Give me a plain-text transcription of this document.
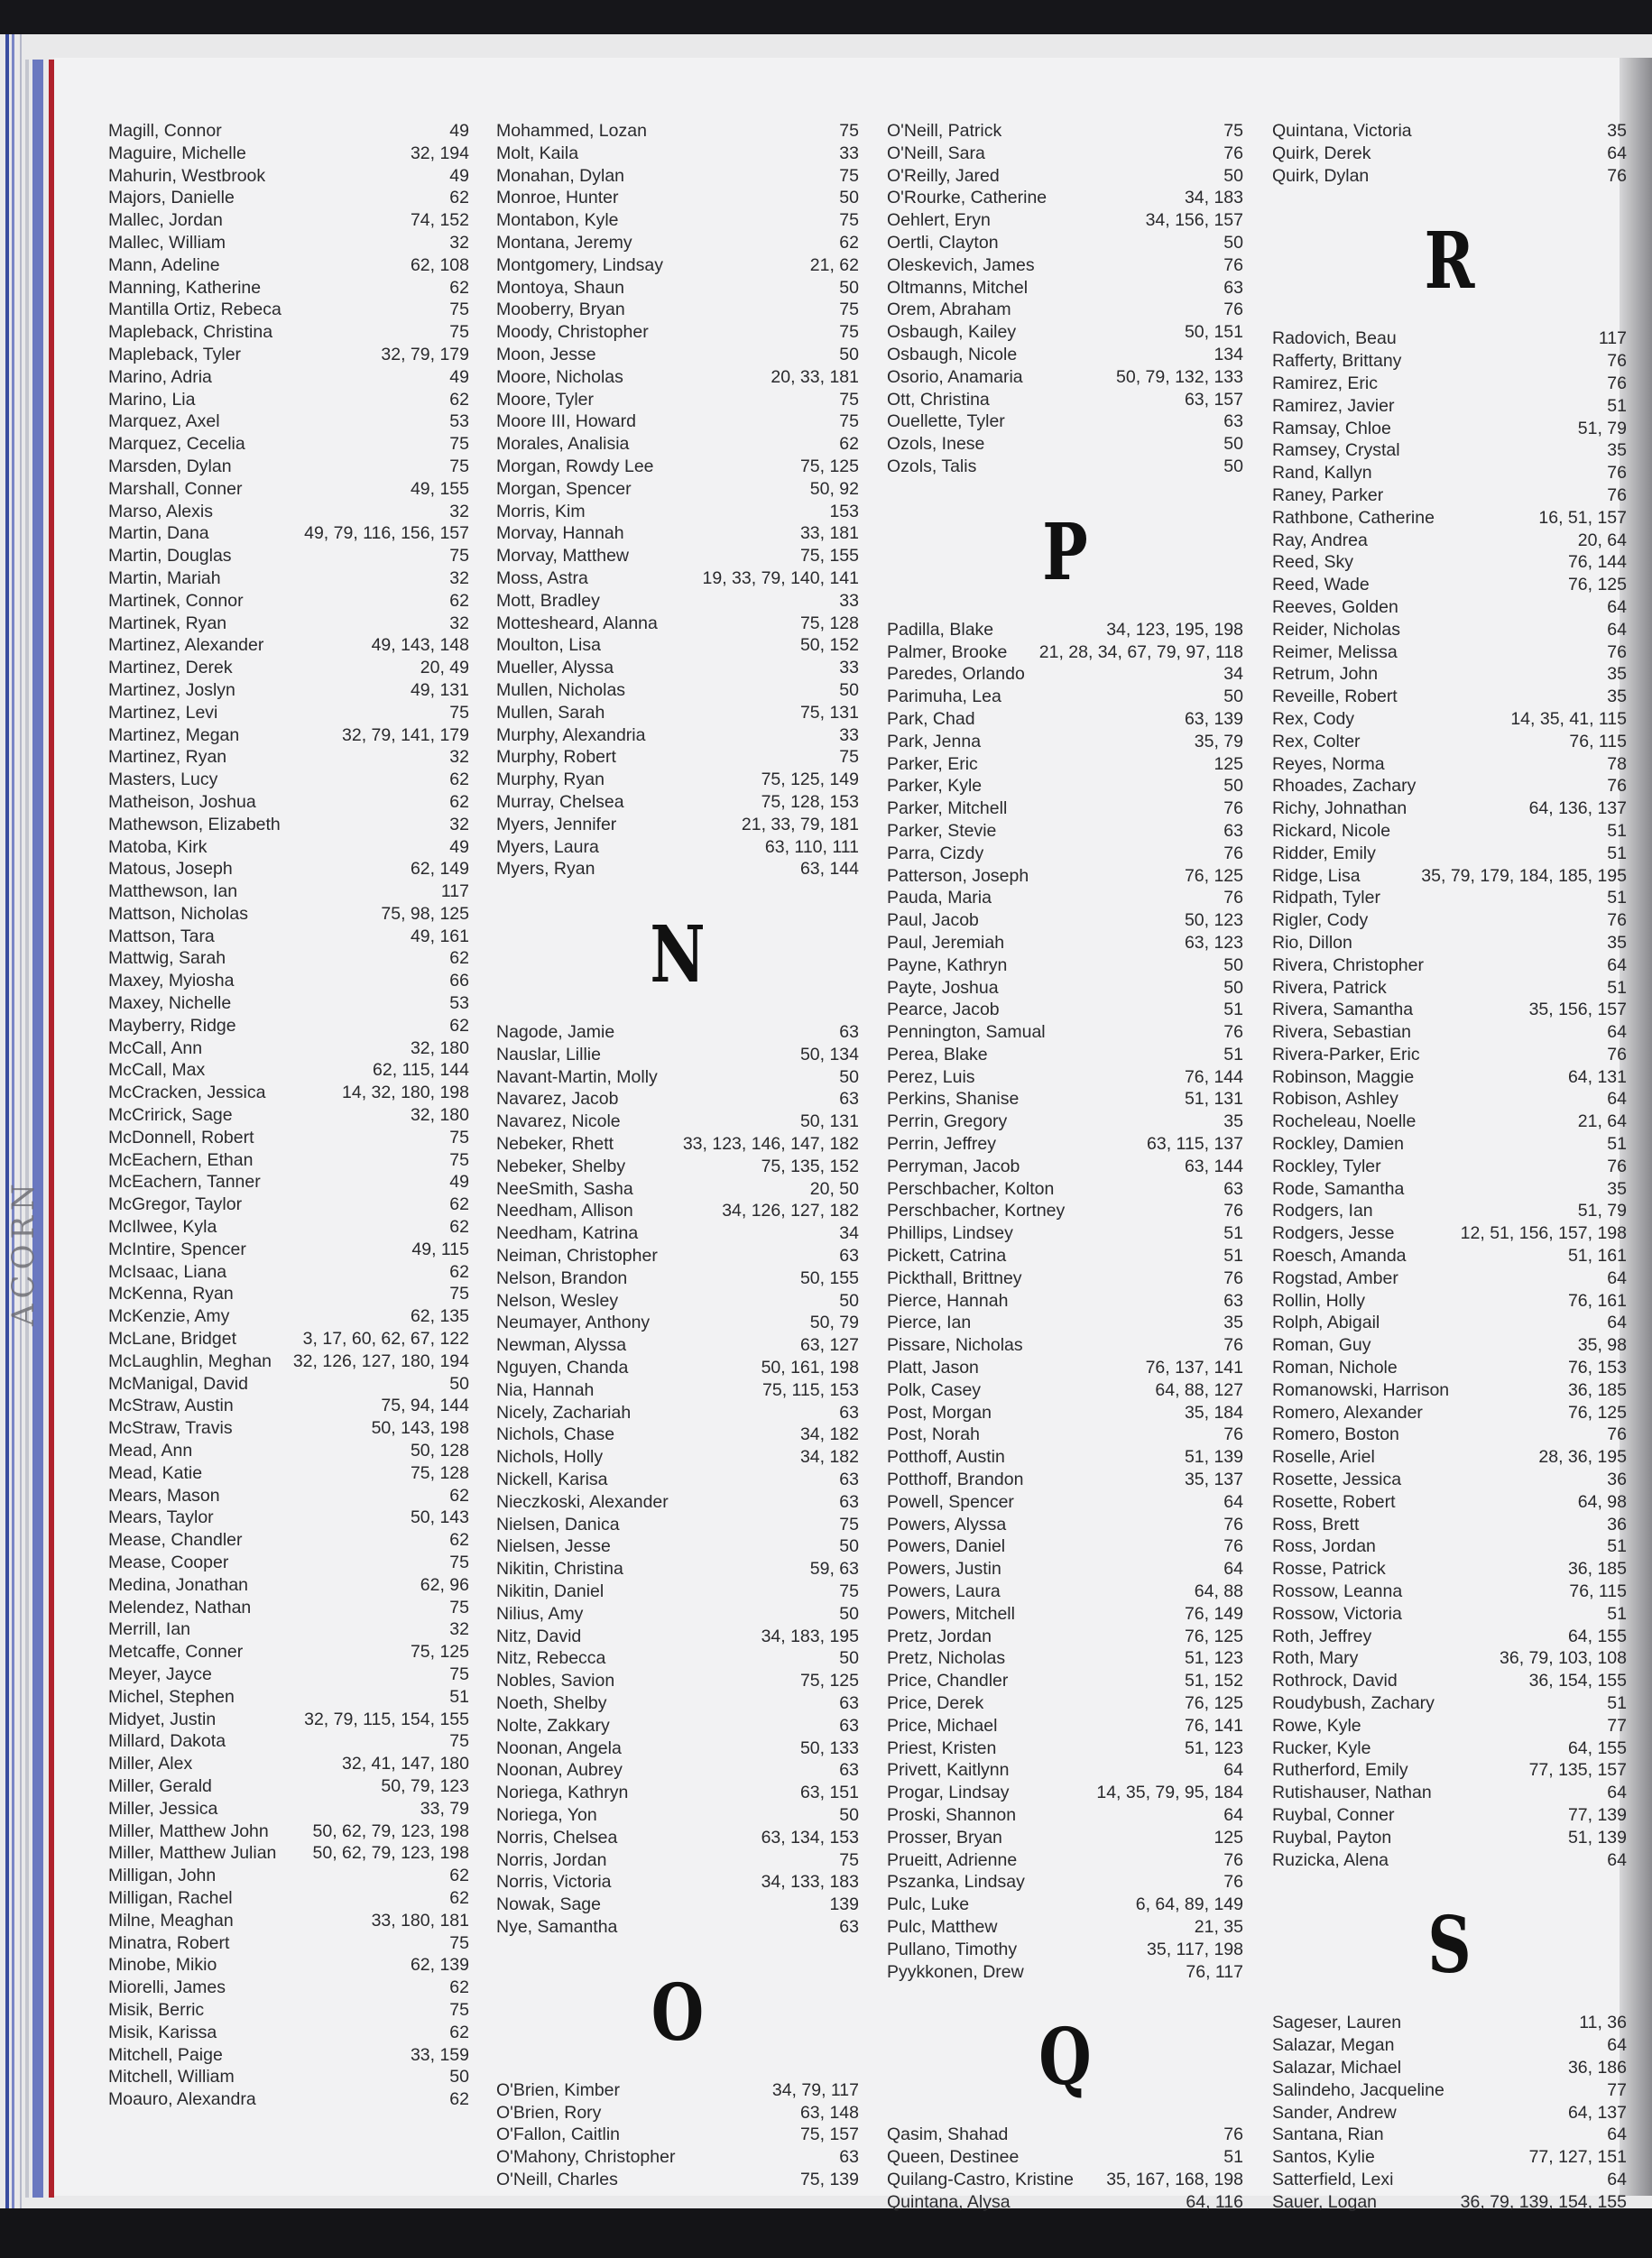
ACORN
Magill, Connor	49
Maguire, Michelle	32, 194
Mahurin, Westbrook	49
Majors, Danielle	62
Mallec, Jordan	74, 152
Mallec, William	32
Mann, Adeline	62, 108
Manning, Katherine	62
Mantilla Ortiz, Rebeca	75
Mapleback, Christina	75
Mapleback, Tyler	32, 79, 179
Marino, Adria	49
Marino, Lia	62
Marquez, Axel	53
Marquez, Cecelia	75
Marsden, Dylan	75
Marshall, Conner	49, 155
Marso, Alexis	32
Martin, Dana	49, 79, 116, 156, 157
Martin, Douglas	75
Martin, Mariah	32
Martinek, Connor	62
Martinek, Ryan	32
Martinez, Alexander	49, 143, 148
Martinez, Derek	20, 49
Martinez, Joslyn	49, 131
Martinez, Levi	75
Martinez, Megan	32, 79, 141, 179
Martinez, Ryan	32
Masters, Lucy	62
Matheison, Joshua	62
Mathewson, Elizabeth	32
Matoba, Kirk	49
Matous, Joseph	62, 149
Matthewson, Ian	117
Mattson, Nicholas	75, 98, 125
Mattson, Tara	49, 161
Mattwig, Sarah	62
Maxey, Myiosha	66
Maxey, Nichelle	53
Mayberry, Ridge	62
McCall, Ann	32, 180
McCall, Max	62, 115, 144
McCracken, Jessica	14, 32, 180, 198
McCririck, Sage	32, 180
McDonnell, Robert	75
McEachern, Ethan	75
McEachern, Tanner	49
McGregor, Taylor	62
McIlwee, Kyla	62
McIntire, Spencer	49, 115
McIsaac, Liana	62
McKenna, Ryan	75
McKenzie, Amy	62, 135
McLane, Bridget	3, 17, 60, 62, 67, 122
McLaughlin, Meghan 32, 126, 127, 180, 194
McManigal, David	50
McStraw, Austin	75, 94, 144
McStraw, Travis	50, 143, 198
Mead, Ann	50, 128
Mead, Katie	75, 128
Mears, Mason	62
Mears, Taylor	50, 143
Mease, Chandler	62
Mease, Cooper	75
Medina, Jonathan	62, 96
Melendez, Nathan	75
Merrill, Ian	32
Metcaffe, Conner	75, 125
Meyer, Jayce	75
Michel, Stephen	51
Midyet, Justin	32, 79, 115, 154, 155
Millard, Dakota	75
Miller, Alex	32, 41, 147, 180
Miller, Gerald	50, 79, 123
Miller, Jessica	33, 79
Miller, Matthew John	50, 62, 79, 123, 198
Miller, Matthew Julian 50, 62, 79, 123, 198
Milligan, John	62
Milligan, Rachel	62
Milne, Meaghan	33, 180, 181
Minatra, Robert	75
Minobe, Mikio	62, 139
Miorelli, James	62
Misik, Berric	75
Misik, Karissa	62
Mitchell, Paige	33, 159
Mitchell, William	50
Moauro, Alexandra	62
Mohammed, Lozan	75
Molt, Kaila	33
Monahan, Dylan	75
Monroe, Hunter	50
Montabon, Kyle	75
Montana, Jeremy	62
Montgomery, Lindsay	21, 62
Montoya, Shaun	50
Mooberry, Bryan	75
Moody, Christopher	75
Moon, Jesse	50
Moore, Nicholas	20, 33, 181
Moore, Tyler	75
Moore III, Howard	75
Morales, Analisia	62
Morgan, Rowdy Lee	75, 125
Morgan, Spencer	50, 92
Morris, Kim	153
Morvay, Hannah	33, 181
Morvay, Matthew	75, 155
Moss, Astra	19, 33, 79, 140, 141
Mott, Bradley	33
Mottesheard, Alanna	75, 128
Moulton, Lisa	50, 152
Mueller, Alyssa	33
Mullen, Nicholas	50
Mullen, Sarah	75, 131
Murphy, Alexandria	33
Murphy, Robert	75
Murphy, Ryan	75, 125, 149
Murray, Chelsea	75, 128, 153
Myers, Jennifer	21, 33, 79, 181
Myers, Laura	63, 110, 111
Myers, Ryan	63, 144
N
Nagode, Jamie	63
Nauslar, Lillie	50, 134
Navant-Martin, Molly	50
Navarez, Jacob	63
Navarez, Nicole	50, 131
Nebeker, Rhett	33, 123, 146, 147, 182
Nebeker, Shelby	75, 135, 152
NeeSmith, Sasha	20, 50
Needham, Allison	34, 126, 127, 182
Needham, Katrina	34
Neiman, Christopher	63
Nelson, Brandon	50, 155
Nelson, Wesley	50
Neumayer, Anthony	50, 79
Newman, Alyssa	63, 127
Nguyen, Chanda	50, 161, 198
Nia, Hannah	75, 115, 153
Nicely, Zachariah	63
Nichols, Chase	34, 182
Nichols, Holly	34, 182
Nickell, Karisa	63
Nieczkoski, Alexander	63
Nielsen, Danica	75
Nielsen, Jesse	50
Nikitin, Christina	59, 63
Nikitin, Daniel	75
Nilius, Amy	50
Nitz, David	34, 183, 195
Nitz, Rebecca	50
Nobles, Savion	75, 125
Noeth, Shelby	63
Nolte, Zakkary	63
Noonan, Angela	50, 133
Noonan, Aubrey	63
Noriega, Kathryn	63, 151
Noriega, Yon	50
Norris, Chelsea	63, 134, 153
Norris, Jordan	75
Norris, Victoria	34, 133, 183
Nowak, Sage	139
Nye, Samantha	63
O
O'Brien, Kimber	34, 79, 117
O'Brien, Rory	63, 148
O'Fallon, Caitlin	75, 157
O'Mahony, Christopher	63
O'Neill, Charles	75, 139
O'Neill, Patrick	75
O'Neill, Sara	76
O'Reilly, Jared	50
O'Rourke, Catherine	34, 183
Oehlert, Eryn	34, 156, 157
Oertli, Clayton	50
Oleskevich, James	76
Oltmanns, Mitchel	63
Orem, Abraham	76
Osbaugh, Kailey	50, 151
Osbaugh, Nicole	134
Osorio, Anamaria	50, 79, 132, 133
Ott, Christina	63, 157
Ouellette, Tyler	63
Ozols, Inese	50
Ozols, Talis	50
P
Padilla, Blake	34, 123, 195, 198
Palmer, Brooke 21, 28, 34, 67, 79, 97, 118
Paredes, Orlando	34
Parimuha, Lea	50
Park, Chad	63, 139
Park, Jenna	35, 79
Parker, Eric	125
Parker, Kyle	50
Parker, Mitchell	76
Parker, Stevie	63
Parra, Cizdy	76
Patterson, Joseph	76, 125
Pauda, Maria	76
Paul, Jacob	50, 123
Paul, Jeremiah	63, 123
Payne, Kathryn	50
Payte, Joshua	50
Pearce, Jacob	51
Pennington, Samual	76
Perea, Blake	51
Perez, Luis	76, 144
Perkins, Shanise	51, 131
Perrin, Gregory	35
Perrin, Jeffrey	63, 115, 137
Perryman, Jacob	63, 144
Perschbacher, Kolton	63
Perschbacher, Kortney	76
Phillips, Lindsey	51
Pickett, Catrina	51
Pickthall, Brittney	76
Pierce, Hannah	63
Pierce, Ian	35
Pissare, Nicholas	76
Platt, Jason	76, 137, 141
Polk, Casey	64, 88, 127
Post, Morgan	35, 184
Post, Norah	76
Potthoff, Austin	51, 139
Potthoff, Brandon	35, 137
Powell, Spencer	64
Powers, Alyssa	76
Powers, Daniel	76
Powers, Justin	64
Powers, Laura	64, 88
Powers, Mitchell	76, 149
Pretz, Jordan	76, 125
Pretz, Nicholas	51, 123
Price, Chandler	51, 152
Price, Derek	76, 125
Price, Michael	76, 141
Priest, Kristen	51, 123
Privett, Kaitlynn	64
Progar, Lindsay	14, 35, 79, 95, 184
Proski, Shannon	64
Prosser, Bryan	125
Prueitt, Adrienne	76
Pszanka, Lindsay	76
Pulc, Luke	6, 64, 89, 149
Pulc, Matthew	21, 35
Pullano, Timothy	35, 117, 198
Pyykkonen, Drew	76, 117
Q
Qasim, Shahad	76
Queen, Destinee	51
Quilang-Castro, Kristine 35, 167, 168, 198
Quintana, Alysa	64, 116
Quintana, Victoria	35
Quirk, Derek	64
Quirk, Dylan	76
R
Radovich, Beau	117
Rafferty, Brittany	76
Ramirez, Eric	76
Ramirez, Javier	51
Ramsay, Chloe	51, 79
Ramsey, Crystal	35
Rand, Kallyn	76
Raney, Parker	76
Rathbone, Catherine	16, 51, 157
Ray, Andrea	20, 64
Reed, Sky	76, 144
Reed, Wade	76, 125
Reeves, Golden	64
Reider, Nicholas	64
Reimer, Melissa	76
Retrum, John	35
Reveille, Robert	35
Rex, Cody	14, 35, 41, 115
Rex, Colter	76, 115
Reyes, Norma	78
Rhoades, Zachary	76
Richy, Johnathan	64, 136, 137
Rickard, Nicole	51
Ridder, Emily	51
Ridge, Lisa	35, 79, 179, 184, 185, 195
Ridpath, Tyler	51
Rigler, Cody	76
Rio, Dillon	35
Rivera, Christopher	64
Rivera, Patrick	51
Rivera, Samantha	35, 156, 157
Rivera, Sebastian	64
Rivera-Parker, Eric	76
Robinson, Maggie	64, 131
Robison, Ashley	64
Rocheleau, Noelle	21, 64
Rockley, Damien	51
Rockley, Tyler	76
Rode, Samantha	35
Rodgers, Ian	51, 79
Rodgers, Jesse	12, 51, 156, 157, 198
Roesch, Amanda	51, 161
Rogstad, Amber	64
Rollin, Holly	76, 161
Rolph, Abigail	64
Roman, Guy	35, 98
Roman, Nichole	76, 153
Romanowski, Harrison	36, 185
Romero, Alexander	76, 125
Romero, Boston	76
Roselle, Ariel	28, 36, 195
Rosette, Jessica	36
Rosette, Robert	64, 98
Ross, Brett	36
Ross, Jordan	51
Rosse, Patrick	36, 185
Rossow, Leanna	76, 115
Rossow, Victoria	51
Roth, Jeffrey	64, 155
Roth, Mary	36, 79, 103, 108
Rothrock, David	36, 154, 155
Roudybush, Zachary	51
Rowe, Kyle	77
Rucker, Kyle	64, 155
Rutherford, Emily	77, 135, 157
Rutishauser, Nathan	64
Ruybal, Conner	77, 139
Ruybal, Payton	51, 139
Ruzicka, Alena	64
S
Sageser, Lauren	11, 36
Salazar, Megan	64
Salazar, Michael	36, 186
Salindeho, Jacqueline	77
Sander, Andrew	64, 137
Santana, Rian	64
Santos, Kylie	77, 127, 151
Satterfield, Lexi	64
Sauer, Logan	36, 79, 139, 154, 155
